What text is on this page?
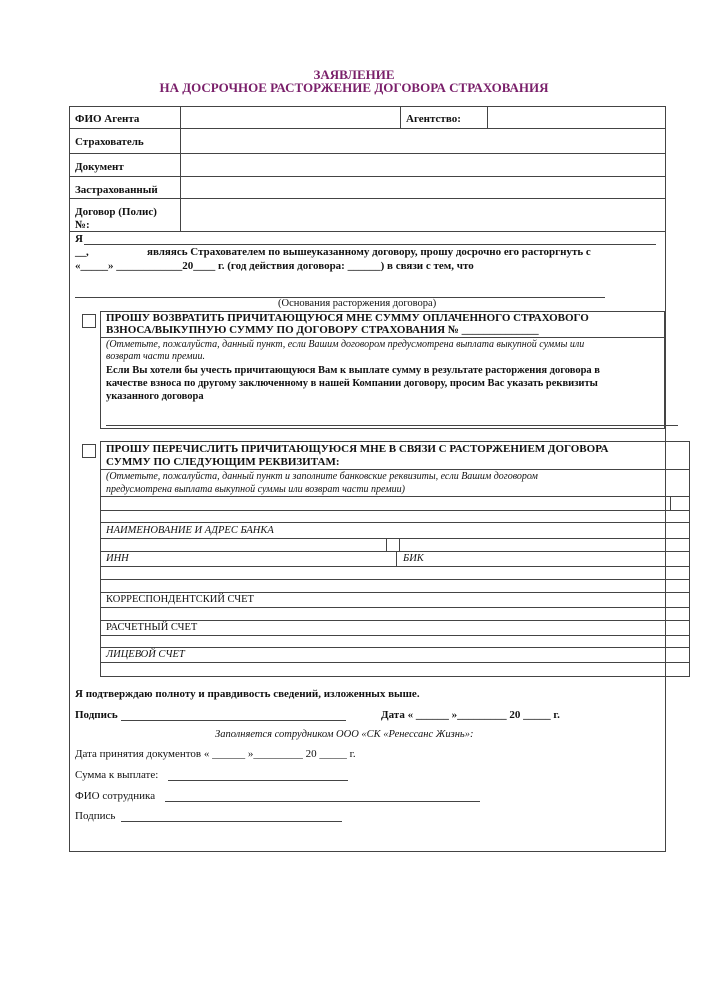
ЗАЯВЛЕНИЕ
НА ДОСРОЧНОЕ РАСТОРЖЕНИЕ ДОГОВОРА СТРАХОВАНИЯ
ФИО Агента	Агентство:
Страхователь
Документ
Застрахованный
Договор (Полис)
№:
Я
__,	являясь Страхователем по вышеуказанному договору, прошу досрочно его расторгнуть с
«_____» ____________20____ г. (год действия договора: ______) в связи с тем, что
(Основания расторжения договора)
ПРОШУ ВОЗВРАТИТЬ ПРИЧИТАЮЩУЮСЯ МНЕ СУММУ ОПЛАЧЕННОГО СТРАХОВОГО
ВЗНОСА/ВЫКУПНУЮ СУММУ ПО ДОГОВОРУ СТРАХОВАНИЯ № ______________
(Отметьте, пожалуйста, данный пункт, если Вашим договором предусмотрена выплата выкупной суммы или
возврат части премии.
Если Вы хотели бы учесть причитающуюся Вам к выплате сумму в результате расторжения договора в
качестве взноса по другому заключенному в нашей Компании договору, просим Вас указать реквизиты
указанного договора
ПРОШУ ПЕРЕЧИСЛИТЬ ПРИЧИТАЮЩУЮСЯ МНЕ В СВЯЗИ С РАСТОРЖЕНИЕМ ДОГОВОРА
СУММУ ПО СЛЕДУЮЩИМ РЕКВИЗИТАМ:
(Отметьте, пожалуйста, данный пункт и заполните банковские реквизиты, если Вашим договором
предусмотрена выплата выкупной суммы или возврат части премии)
НАИМЕНОВАНИЕ И АДРЕС БАНКА
ИНН	БИК
КОРРЕСПОНДЕНТСКИЙ СЧЕТ
РАСЧЕТНЫЙ СЧЕТ
ЛИЦЕВОЙ СЧЕТ
Я подтверждаю полноту и правдивость сведений, изложенных выше.
Подпись	Дата « ______ »_________ 20 _____ г.
Заполняется сотрудником ООО «СК «Ренессанс Жизнь»:
Дата принятия документов « ______ »_________ 20 _____ г.
Сумма к выплате:
ФИО сотрудника
Подпись
